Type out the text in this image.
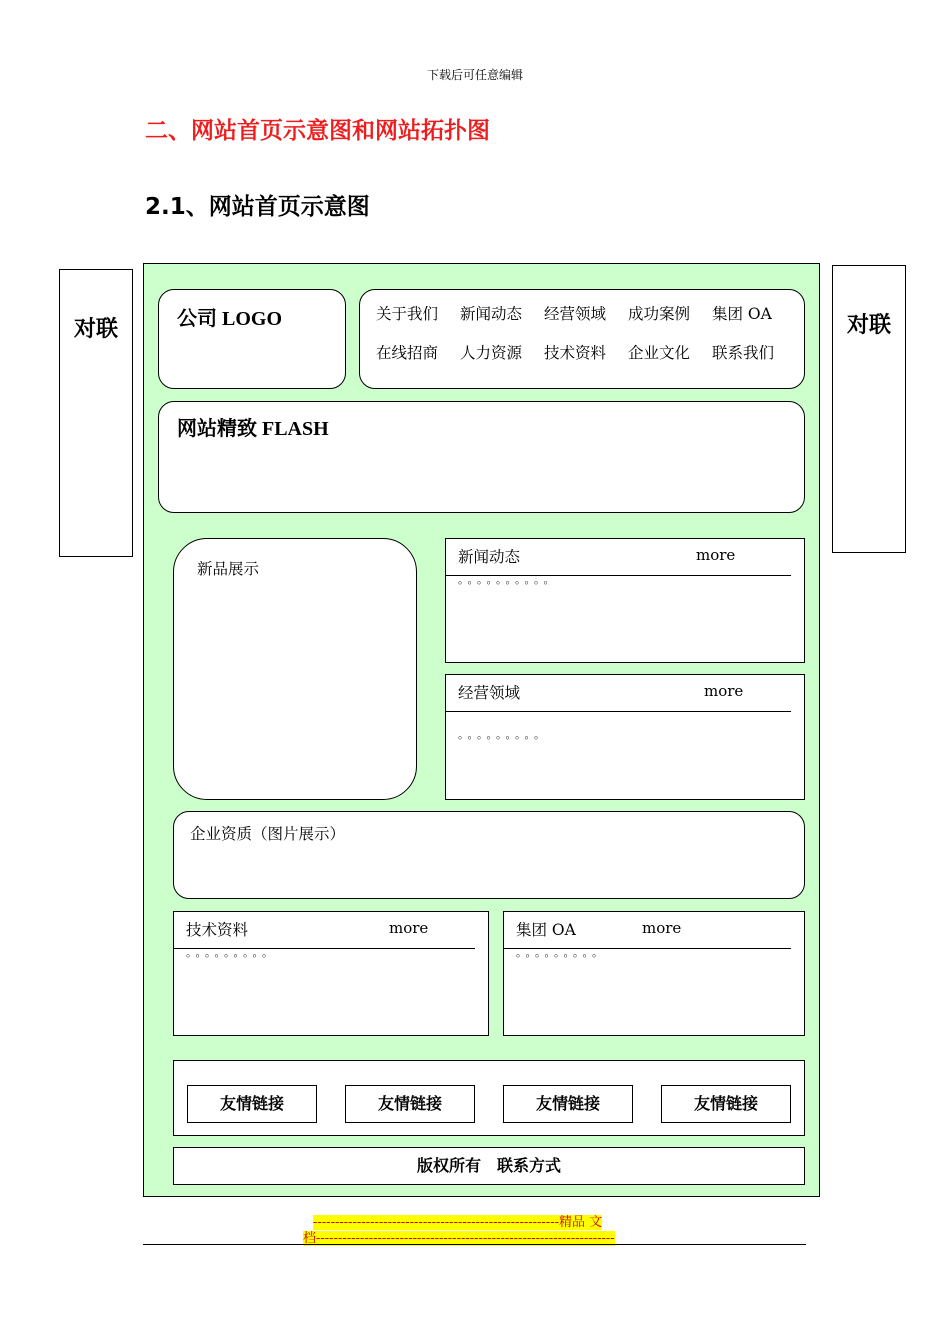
下载后可任意编辑
二、网站首页示意图和网站拓扑图
2.1、网站首页示意图
对联	对联
公司 LOGO	关于我们 新闻动态 经营领域 成功案例 集团 OA
在线招商 人力资源 技术资料 企业文化 联系我们
网站精致 FLASH
新品展示
新闻动态	more
。。。。。。。。。。
经营领域	more
。。。。。。。。。
企业资质（图片展示）
技术资料	more
。。。。。。。。。
集团 OA	more
。。。。。。。。。
友情链接	友情链接	友情链接	友情链接
版权所有　联系方式
--------------------------------------------------------精品 文
档--------------------------------------------------------------------
